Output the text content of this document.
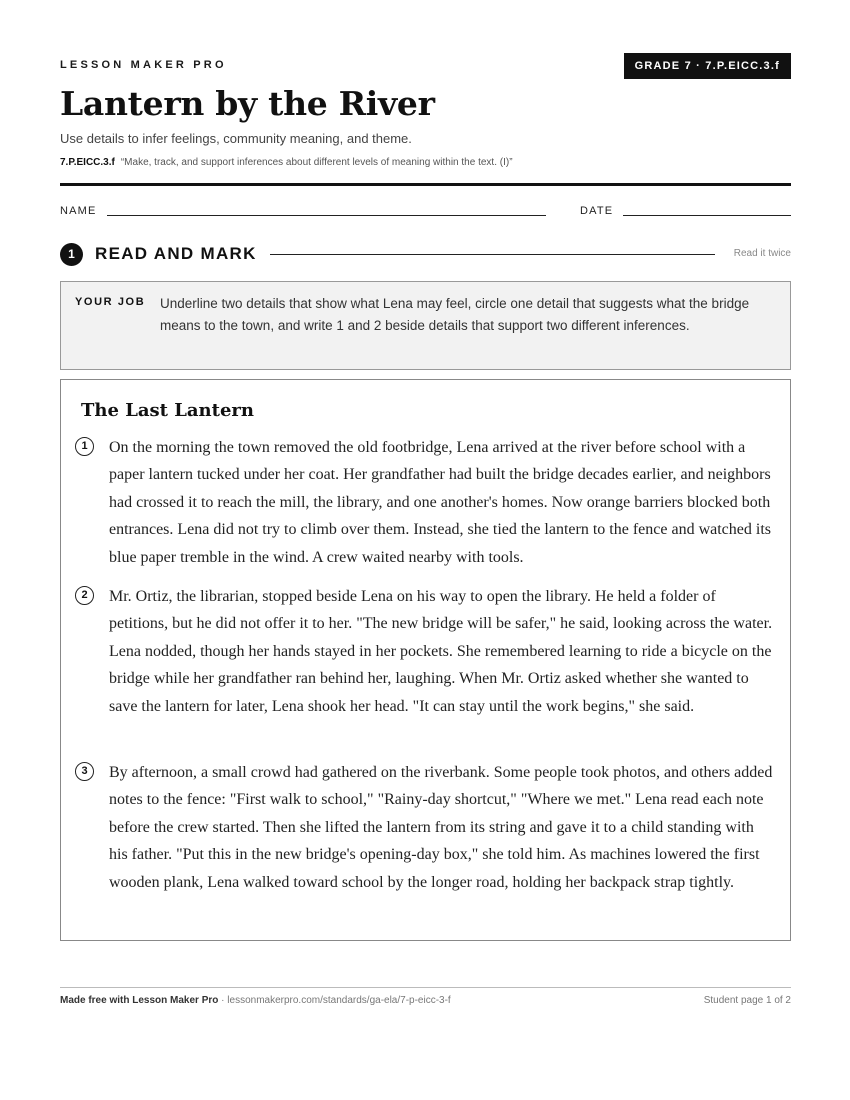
LESSON MAKER PRO	GRADE 7 · 7.P.EICC.3.f
Lantern by the River
Use details to infer feelings, community meaning, and theme.
7.P.EICC.3.f “Make, track, and support inferences about different levels of meaning within the text. (I)”
NAME	DATE
1	READ AND MARK	Read it twice
YOUR JOB Underline two details that show what Lena may feel, circle one detail that suggests what the bridge means to the town, and write 1 and 2 beside details that support two different inferences.
The Last Lantern
1	On the morning the town removed the old footbridge, Lena arrived at the river before school with a paper lantern tucked under her coat. Her grandfather had built the bridge decades earlier, and neighbors had crossed it to reach the mill, the library, and one another's homes. Now orange barriers blocked both entrances. Lena did not try to climb over them. Instead, she tied the lantern to the fence and watched its blue paper tremble in the wind. A crew waited nearby with tools.

2	Mr. Ortiz, the librarian, stopped beside Lena on his way to open the library. He held a folder of petitions, but he did not offer it to her. "The new bridge will be safer," he said, looking across the water. Lena nodded, though her hands stayed in her pockets. She remembered learning to ride a bicycle on the bridge while her grandfather ran behind her, laughing. When Mr. Ortiz asked whether she wanted to save the lantern for later, Lena shook her head. "It can stay until the work begins," she said.

3	By afternoon, a small crowd had gathered on the riverbank. Some people took photos, and others added notes to the fence: "First walk to school," "Rainy-day shortcut," "Where we met." Lena read each note before the crew started. Then she lifted the lantern from its string and gave it to a child standing with his father. "Put this in the new bridge's opening-day box," she told him. As machines lowered the first wooden plank, Lena walked toward school by the longer road, holding her backpack strap tightly.

Made free with Lesson Maker Pro · lessonmakerpro.com/standards/ga-ela/7-p-eicc-3-f	Student page 1 of 2
